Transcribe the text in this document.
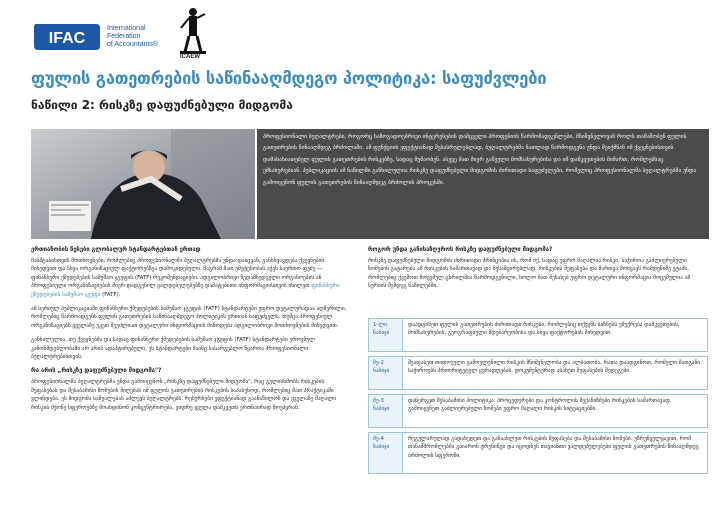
IFAC
International
Federation
of Accountants®
ICAEW
ფულის გათეთრების საწინააღმდეგო პოლიტიკა: საფუძვლები
ნაწილი 2: რისკზე დაფუძნებული მიდგომა
პროფესიონალი ბუღალტრები, როგორც საზოგადოებრივი ინტერესების დამცველი პროფესიის წარმომადგენლები, მნიშვნელოვან როლს თამაშობენ ფულის გათეთრების წინააღმდეგ ბრძოლაში. ამ ფუნქციის ეფექტიანად შესასრულებლად, ბუღალტრებმა ნათლად წარმოდგენა უნდა შეიქმნან იმ ქვეყნებისთვის დამახასიათებელ ფულის გათეთრების რისკებზე, სადაც მუშაობენ. ასევე მათ მიერ გაწეული მომსახურებისა და იმ დამკვეთების მიმართ, რომლებსაც ემსახურებიან. პუბლიკაციის ამ ნაწილში განხილულია რისკზე დაფუძნებული მიდგომის ძირითადი საფუძვლები, რომელიც პროფესიონალმა ბუღალტრებმა უნდა გამოიყენონ ფულის გათეთრების წინააღმდეგ ბრძოლის პროცესში.
ერთიანობის წესები გლობალურ სტანდარტებთან ერთად

მასშტაბისთვის მოთხოვნები, რომლებიც პროფესიონალმა ბუღალტრებმა უნდა დაიცვან, განსხვავდება ქვეყნების მიხედვით და სხვა ორგანიზაციულ ფაქტორებზეა დამოკიდებული. მაგრამ მათ უმეტესობას აქვს საერთო ფუძე — ფინანსური ქმედებების სამუშაო ჯგუფის (FATF) რეკომენდაციები. ადგილობრივი ზედამხედველი ორგანოების ან პროფესიული ორგანიზაციების მიერ დადგენილ ვალდებულებებზე დამატებითი ინფორმაციისთვის იხილეთ ფინანსური ქმედებების სამუშაო ჯგუფი (FATF).

ამ სერიულ პუბლიკაციაში ფინანსური ქმედებების სამუშაო ჯგუფის (FATF) სტანდარტები უფრო დეტალურადაა აღწერილი, რომლებიც წარმოადგენს ფულის გათეთრების საწინააღმდეგო პოლიტიკის ერთიან საფუძველს. თუმცა პროფესიულ ორგანიზაციებს ყველაზე უკეთ შეუძლიათ დეტალური ინფორმაციის მიწოდება ადგილობრივი მოთხოვნების მიხედვით.

განხილულია, თუ ქვეყნებმა და სადაც ფინანსური ქმედებების სამუშაო ჯგუფის (FATF) სტანდარტები ეროვნულ კანონმდებლობაში არ არის ადაპტირებული, ეს სტანდარტები მაინც სასარგებლო წყაროა პროფესიონალი ბუღალტრებისთვის.

რა არის „რისკზე დაფუძნებული მიდგომა"?

პროფესიონალმა ბუღალტრებმა უნდა გამოიყენონ „რისკზე დაფუძნებული მიდგომა", რაც გულისხმობს რისკების შეფასებას და შესაბამისი ზომების მიღებას იმ ფულის გათეთრების რისკების საპასუხოდ, რომლებიც მათ პრაქტიკაში ვლინდება. ეს მიდგომა საშუალებას აძლევს ბუღალტრებს, რესურსები ეფექტიანად გაანაწილონ და ყველაზე მაღალი რისკის მქონე სფეროებზე მოახდინონ კონცენტრირება, ვიდრე ყველა დამკვეთს ერთნაირად მოეპყრან.

როგორ უნდა განისაზღვროს რისკზე დაფუძნებული მიდგომა?

რისკზე დაფუძნებული მიდგომის ძირითადი პრინციპია ის, რომ იქ, სადაც უფრო მაღალია რისკი, საჭიროა გაძლიერებული ზომების გატარება ამ რისკების სამართავად და შესამცირებლად. რისკების შეფასება და მართვა მოიცავს რამდენიმე ეტაპს, რომლებიც ქვემოთ მოცემულ ცხრილშია წარმოდგენილი, ხოლო მათ შესახებ უფრო დეტალური ინფორმაცია მოცემულია ამ სერიის შემდეგ ნაწილებში.

1-ლი
ნაბიჯი
დაადგინეთ ფულის გათეთრების ძირითადი რისკები, რომლებიც თქვენს ბიზნესს ემუქრება დამკვეთების, მომსახურების, გეოგრაფიული მდებარეობისა და სხვა ფაქტორების მიხედვით.
მე-2
ნაბიჯი
შეაფასეთ თითოეული გამოვლენილი რისკის მნიშვნელობა და ალბათობა, რათა დაადგინოთ, რომელი მათგანი საჭიროებს პრიორიტეტულ ყურადღებას. დოკუმენტურად ასახეთ შეფასების შედეგები.
მე-3
ნაბიჯი
დანერგეთ შესაბამისი პოლიტიკა, პროცედურები და კონტროლის მექანიზმები რისკების სამართავად. გამოიყენეთ გაძლიერებული ზომები უფრო მაღალი რისკის სიტუაციებში.
მე-4
ნაბიჯი
რეგულარულად გადახედეთ და განაახლეთ რისკების შეფასება და შესაბამისი ზომები. უზრუნველყავით, რომ თანამშრომლებმა გაიარონ ტრენინგი და იცოდნენ თავიანთი ვალდებულებები ფულის გათეთრების წინააღმდეგ ბრძოლის სფეროში.
